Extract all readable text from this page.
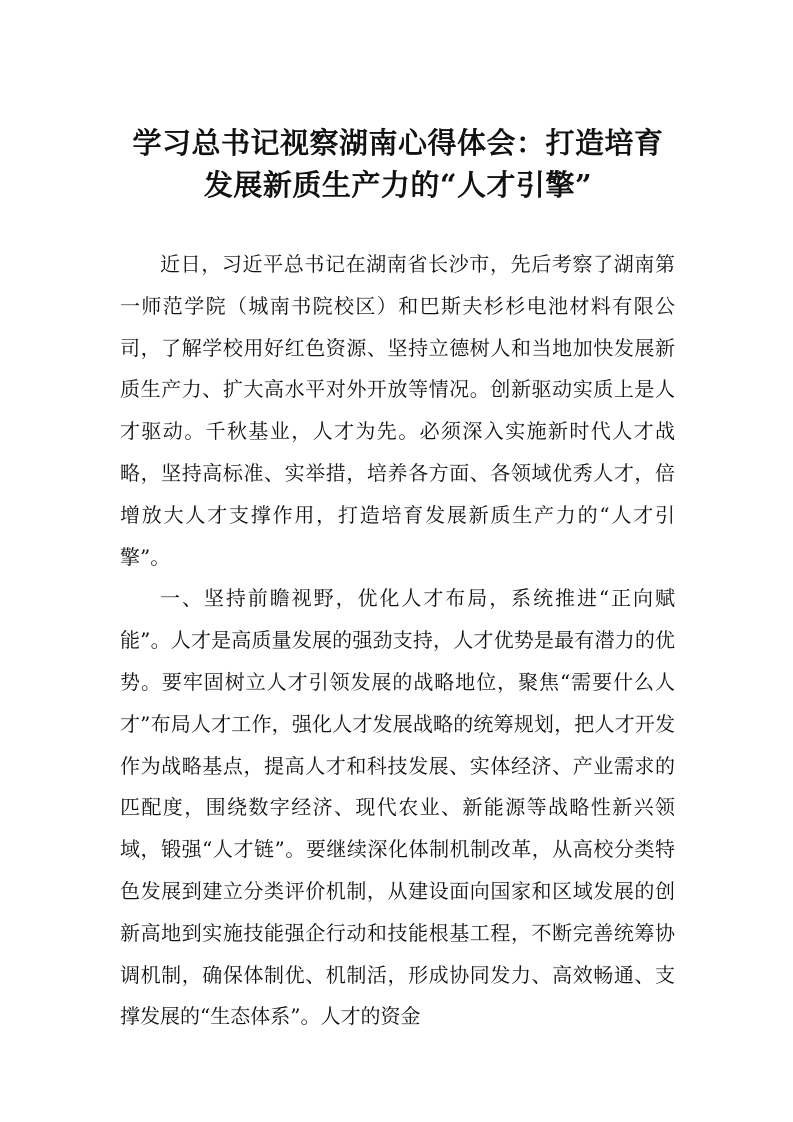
学习总书记视察湖南心得体会：打造培育发展新质生产力的“人才引擎”

近日，习近平总书记在湖南省长沙市，先后考察了湖南第一师范学院（城南书院校区）和巴斯夫杉杉电池材料有限公司，了解学校用好红色资源、坚持立德树人和当地加快发展新质生产力、扩大高水平对外开放等情况。创新驱动实质上是人才驱动。千秋基业，人才为先。必须深入实施新时代人才战略，坚持高标准、实举措，培养各方面、各领域优秀人才，倍增放大人才支撑作用，打造培育发展新质生产力的“人才引擎”。

一、坚持前瞻视野，优化人才布局，系统推进“正向赋能”。人才是高质量发展的强劲支持，人才优势是最有潜力的优势。要牢固树立人才引领发展的战略地位，聚焦“需要什么人才”布局人才工作，强化人才发展战略的统筹规划，把人才开发作为战略基点，提高人才和科技发展、实体经济、产业需求的匹配度，围绕数字经济、现代农业、新能源等战略性新兴领域，锻强“人才链”。要继续深化体制机制改革，从高校分类特色发展到建立分类评价机制，从建设面向国家和区域发展的创新高地到实施技能强企行动和技能根基工程，不断完善统筹协调机制，确保体制优、机制活，形成协同发力、高效畅通、支撑发展的“生态体系”。人才的资金
